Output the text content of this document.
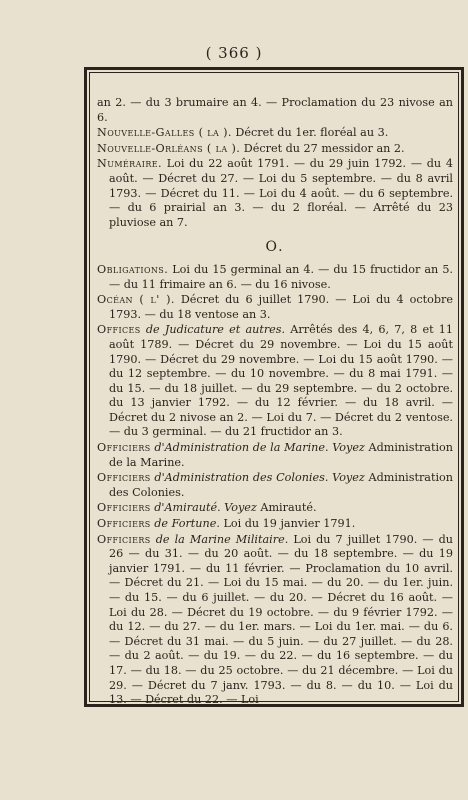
( 366 )

an 2. — du 3 brumaire an 4. — Proclamation du 23 nivose an 6.

Nouvelle-Galles ( la ). Décret du 1er. floréal au 3.

Nouvelle-Orléans ( la ). Décret du 27 messidor an 2.

Numéraire. Loi du 22 août 1791. — du 29 juin 1792. — du 4 août. — Décret du 27. — Loi du 5 septembre. — du 8 avril 1793. — Décret du 11. — Loi du 4 août. — du 6 septembre. — du 6 prairial an 3. — du 2 floréal. — Arrêté du 23 pluviose an 7.

O.

Obligations. Loi du 15 germinal an 4. — du 15 fructidor an 5. — du 11 frimaire an 6. — du 16 nivose.

Océan ( l' ). Décret du 6 juillet 1790. — Loi du 4 octobre 1793. — du 18 ventose an 3.

Offices de Judicature et autres. Arrêtés des 4, 6, 7, 8 et 11 août 1789. — Décret du 29 novembre. — Loi du 15 août 1790. — Décret du 29 novembre. — Loi du 15 août 1790. — du 12 septembre. — du 10 novembre. — du 8 mai 1791. — du 15. — du 18 juillet. — du 29 septembre. — du 2 octobre. du 13 janvier 1792. — du 12 février. — du 18 avril. — Décret du 2 nivose an 2. — Loi du 7. — Décret du 2 ventose. — du 3 germinal. — du 21 fructidor an 3.

Officiers d'Administration de la Marine. Voyez Administration de la Marine.

Officiers d'Administration des Colonies. Voyez Administration des Colonies.

Officiers d'Amirauté. Voyez Amirauté.

Officiers de Fortune. Loi du 19 janvier 1791.

Officiers de la Marine Militaire. Loi du 7 juillet 1790. — du 26 — du 31. — du 20 août. — du 18 septembre. — du 19 janvier 1791. — du 11 février. — Proclamation du 10 avril. — Décret du 21. — Loi du 15 mai. — du 20. — du 1er. juin. — du 15. — du 6 juillet. — du 20. — Décret du 16 août. — Loi du 28. — Décret du 19 octobre. — du 9 février 1792. — du 12. — du 27. — du 1er. mars. — Loi du 1er. mai. — du 6. — Décret du 31 mai. — du 5 juin. — du 27 juillet. — du 28. — du 2 août. — du 19. — du 22. — du 16 septembre. — du 17. — du 18. — du 25 octobre. — du 21 décembre. — Loi du 29. — Décret du 7 janv. 1793. — du 8. — du 10. — Loi du 13. — Décret du 22. — Loi
